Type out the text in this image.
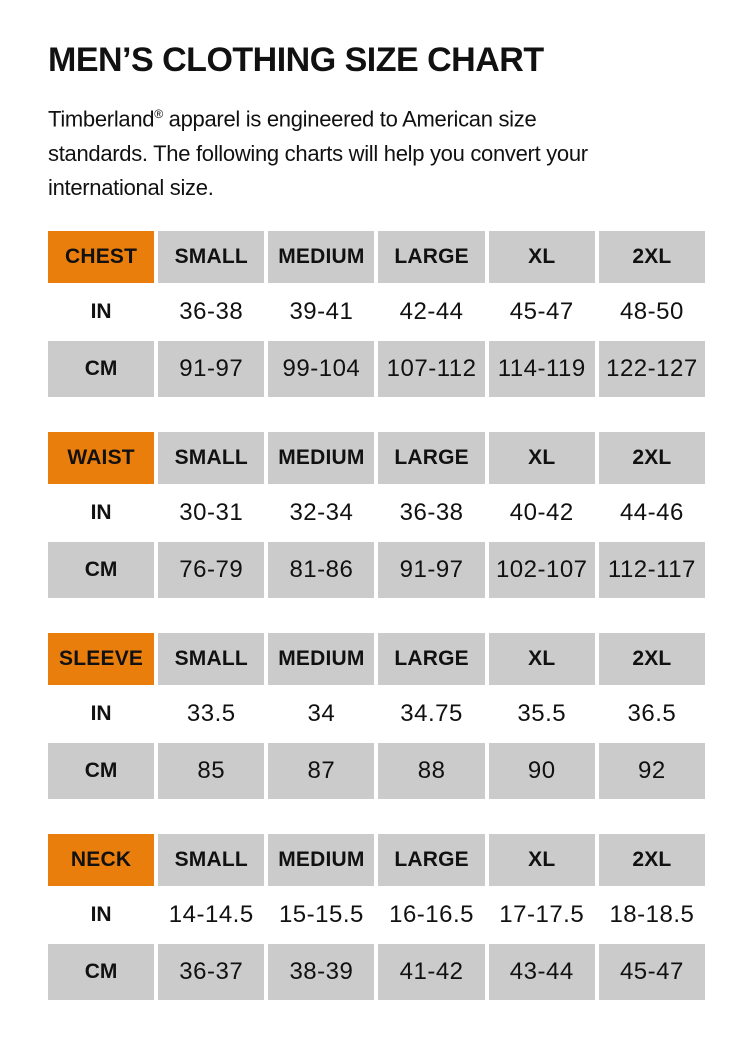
MEN’S CLOTHING SIZE CHART

Timberland® apparel is engineered to American size
standards. The following charts will help you convert your
international size.

CHEST	SMALL	MEDIUM	LARGE	XL	2XL
IN	36-38	39-41	42-44	45-47	48-50
CM	91-97	99-104	107-112 114-119 122-127
WAIST	SMALL	MEDIUM	LARGE	XL	2XL
IN	30-31	32-34	36-38	40-42	44-46
CM	76-79	81-86	91-97	102-107 112-117
SLEEVE	SMALL	MEDIUM	LARGE	XL	2XL
IN	33.5	34	34.75	35.5	36.5
CM	85	87	88	90	92
NECK	SMALL	MEDIUM	LARGE	XL	2XL
IN	14-14.5	15-15.5	16-16.5	17-17.5	18-18.5
CM	36-37	38-39	41-42	43-44	45-47
